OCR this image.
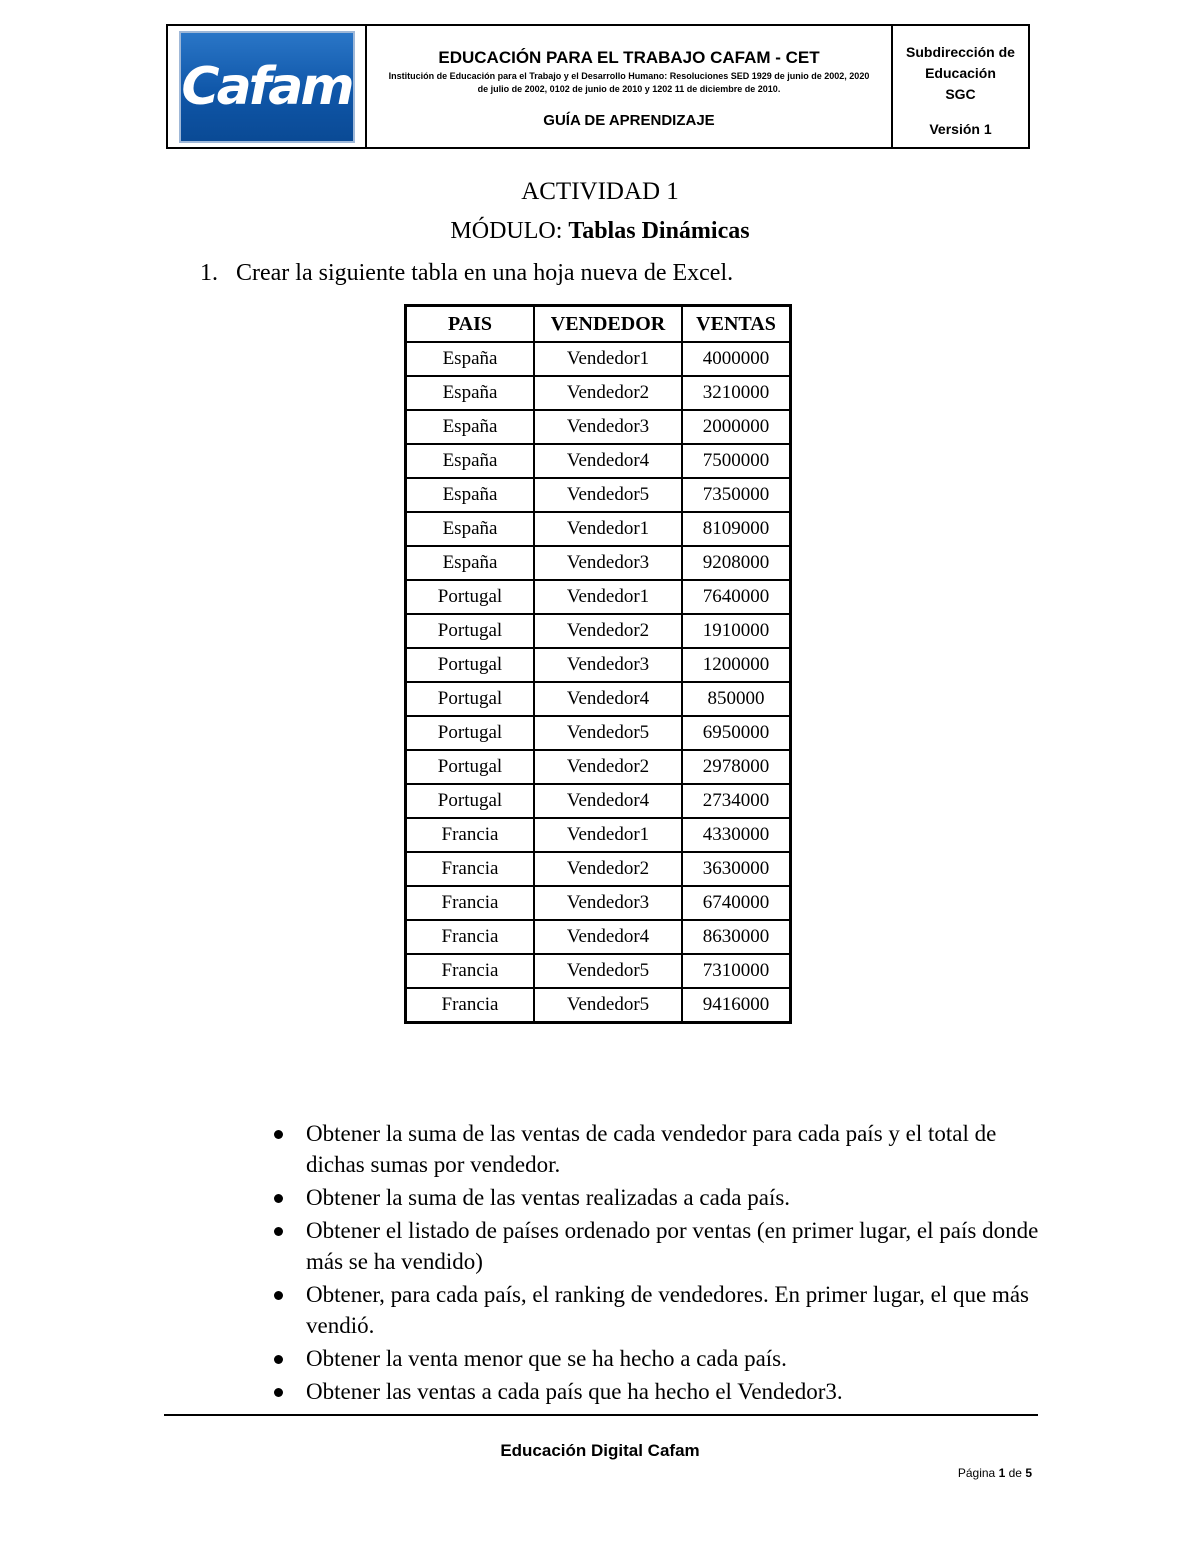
Cafam	EDUCACIÓN PARA EL TRABAJO CAFAM - CET
Institución de Educación para el Trabajo y el Desarrollo Humano: Resoluciones SED 1929 de junio de 2002, 2020 de julio de 2002, 0102 de junio de 2010 y 1202 11 de diciembre de 2010.
GUÍA DE APRENDIZAJE
Subdirección de
Educación
SGC
Versión 1
ACTIVIDAD 1
MÓDULO: Tablas Dinámicas
1. Crear la siguiente tabla en una hoja nueva de Excel.
PAIS	VENDEDOR	VENTAS
España	Vendedor1	4000000
España	Vendedor2	3210000
España	Vendedor3	2000000
España	Vendedor4	7500000
España	Vendedor5	7350000
España	Vendedor1	8109000
España	Vendedor3	9208000
Portugal	Vendedor1	7640000
Portugal	Vendedor2	1910000
Portugal	Vendedor3	1200000
Portugal	Vendedor4	850000
Portugal	Vendedor5	6950000
Portugal	Vendedor2	2978000
Portugal	Vendedor4	2734000
Francia	Vendedor1	4330000
Francia	Vendedor2	3630000
Francia	Vendedor3	6740000
Francia	Vendedor4	8630000
Francia	Vendedor5	7310000
Francia	Vendedor5	9416000
Obtener la suma de las ventas de cada vendedor para cada país y el total de dichas sumas por vendedor.
Obtener la suma de las ventas realizadas a cada país.
Obtener el listado de países ordenado por ventas (en primer lugar, el país donde más se ha vendido)
Obtener, para cada país, el ranking de vendedores. En primer lugar, el que más vendió.
Obtener la venta menor que se ha hecho a cada país.
Obtener las ventas a cada país que ha hecho el Vendedor3.
Educación Digital Cafam
Página 1 de 5
